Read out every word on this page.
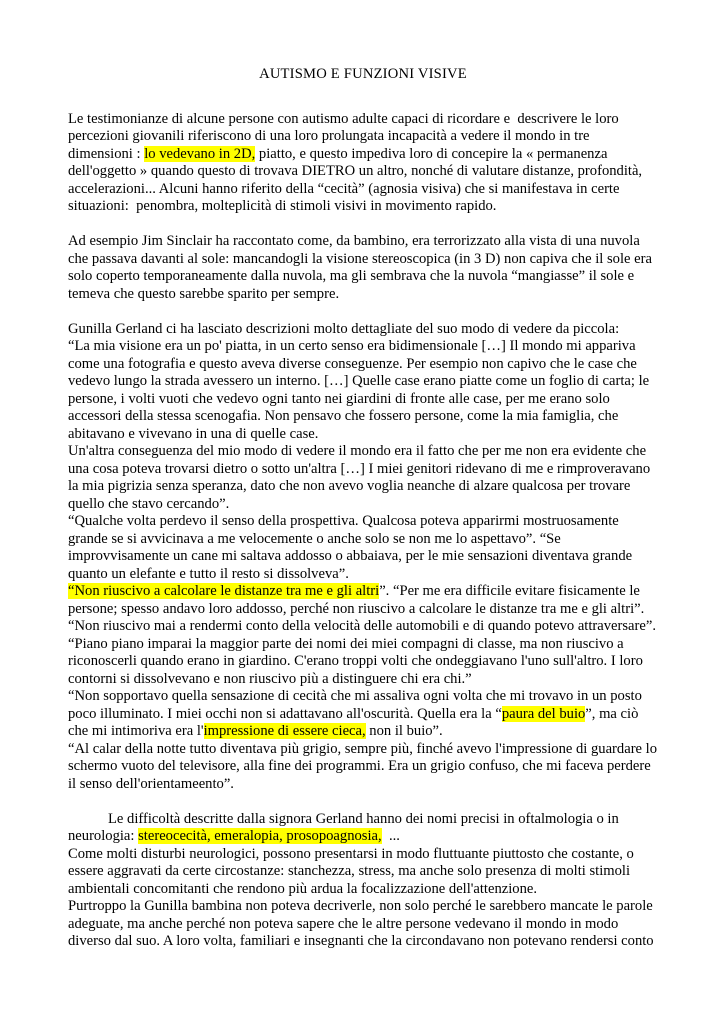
AUTISMO E FUNZIONI VISIVE

Le testimonianze di alcune persone con autismo adulte capaci di ricordare e  descrivere le loro percezioni giovanili riferiscono di una loro prolungata incapacità a vedere il mondo in tre dimensioni : lo vedevano in 2D, piatto, e questo impediva loro di concepire la « permanenza dell'oggetto » quando questo di trovava DIETRO un altro, nonché di valutare distanze, profondità, accelerazioni... Alcuni hanno riferito della “cecità” (agnosia visiva) che si manifestava in certe situazioni:  penombra, molteplicità di stimoli visivi in movimento rapido.

Ad esempio Jim Sinclair ha raccontato come, da bambino, era terrorizzato alla vista di una nuvola che passava davanti al sole: mancandogli la visione stereoscopica (in 3 D) non capiva che il sole era solo coperto temporaneamente dalla nuvola, ma gli sembrava che la nuvola “mangiasse” il sole e temeva che questo sarebbe sparito per sempre.

Gunilla Gerland ci ha lasciato descrizioni molto dettagliate del suo modo di vedere da piccola:

“La mia visione era un po' piatta, in un certo senso era bidimensionale […] Il mondo mi appariva come una fotografia e questo aveva diverse conseguenze. Per esempio non capivo che le case che vedevo lungo la strada avessero un interno. […] Quelle case erano piatte come un foglio di carta; le persone, i volti vuoti che vedevo ogni tanto nei giardini di fronte alle case, per me erano solo accessori della stessa scenogafia. Non pensavo che fossero persone, come la mia famiglia, che abitavano e vivevano in una di quelle case.

Un'altra conseguenza del mio modo di vedere il mondo era il fatto che per me non era evidente che una cosa poteva trovarsi dietro o sotto un'altra […] I miei genitori ridevano di me e rimproveravano la mia pigrizia senza speranza, dato che non avevo voglia neanche di alzare qualcosa per trovare quello che stavo cercando”.

“Qualche volta perdevo il senso della prospettiva. Qualcosa poteva apparirmi mostruosamente grande se si avvicinava a me velocemente o anche solo se non me lo aspettavo”. “Se improvvisamente un cane mi saltava addosso o abbaiava, per le mie sensazioni diventava grande quanto un elefante e tutto il resto si dissolveva”.

“Non riuscivo a calcolare le distanze tra me e gli altri”. “Per me era difficile evitare fisicamente le persone; spesso andavo loro addosso, perché non riuscivo a calcolare le distanze tra me e gli altri”.

“Non riuscivo mai a rendermi conto della velocità delle automobili e di quando potevo attraversare”.

“Piano piano imparai la maggior parte dei nomi dei miei compagni di classe, ma non riuscivo a riconoscerli quando erano in giardino. C'erano troppi volti che ondeggiavano l'uno sull'altro. I loro contorni si dissolvevano e non riuscivo più a distinguere chi era chi.”

“Non sopportavo quella sensazione di cecità che mi assaliva ogni volta che mi trovavo in un posto poco illuminato. I miei occhi non si adattavano all'oscurità. Quella era la “paura del buio”, ma ciò che mi intimoriva era l'impressione di essere cieca, non il buio”.

“Al calar della notte tutto diventava più grigio, sempre più, finché avevo l'impressione di guardare lo schermo vuoto del televisore, alla fine dei programmi. Era un grigio confuso, che mi faceva perdere il senso dell'orientameento”.

Le difficoltà descritte dalla signora Gerland hanno dei nomi precisi in oftalmologia o in neurologia: stereocecità, emeralopia, prosopoagnosia,  ...

Come molti disturbi neurologici, possono presentarsi in modo fluttuante piuttosto che costante, o essere aggravati da certe circostanze: stanchezza, stress, ma anche solo presenza di molti stimoli ambientali concomitanti che rendono più ardua la focalizzazione dell'attenzione.

Purtroppo la Gunilla bambina non poteva decriverle, non solo perché le sarebbero mancate le parole adeguate, ma anche perché non poteva sapere che le altre persone vedevano il mondo in modo diverso dal suo. A loro volta, familiari e insegnanti che la circondavano non potevano rendersi conto
